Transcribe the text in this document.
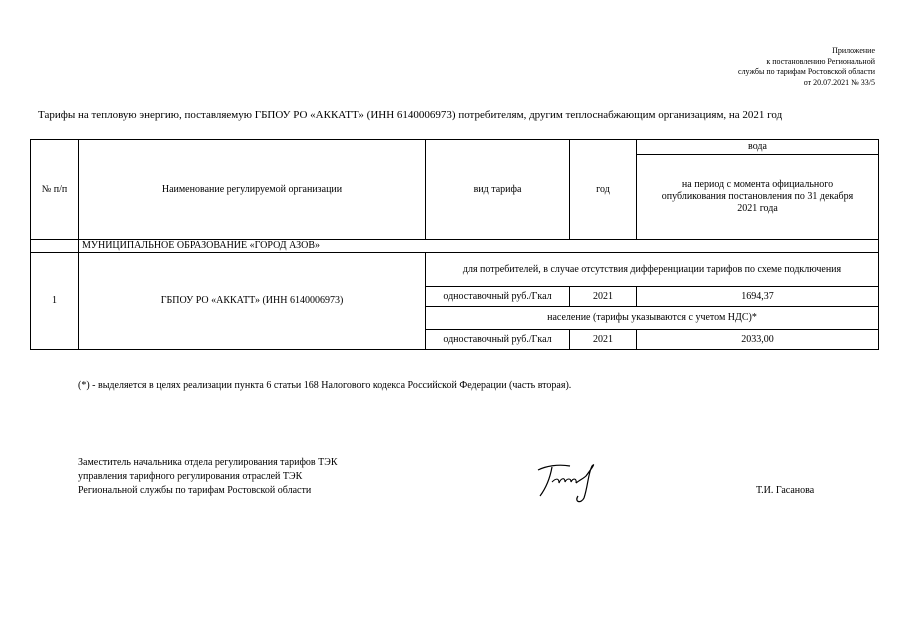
Приложение
к постановлению Региональной
службы по тарифам Ростовской области
от 20.07.2021 № 33/5
Тарифы на тепловую энергию, поставляемую ГБПОУ РО «АККАТТ» (ИНН 6140006973) потребителям, другим теплоснабжающим организациям, на 2021 год
№ п/п	Наименование регулируемой организации	вид тарифа	год	вода
				на период с момента официального опубликования постановления по 31 декабря 2021 года
	МУНИЦИПАЛЬНОЕ ОБРАЗОВАНИЕ «ГОРОД АЗОВ»			
1	ГБПОУ РО «АККАТТ» (ИНН 6140006973)	для потребителей, в случае отсутствия дифференциации тарифов по схеме подключения		
		одноставочный руб./Гкал	2021	1694,37
		население (тарифы указываются с учетом НДС)*		
		одноставочный руб./Гкал	2021	2033,00
(*) - выделяется в целях реализации пункта 6 статьи 168 Налогового кодекса Российской Федерации (часть вторая).
Заместитель начальника отдела регулирования тарифов ТЭК
управления тарифного регулирования отраслей ТЭК
Региональной службы по тарифам Ростовской области	Т.И. Гасанова
